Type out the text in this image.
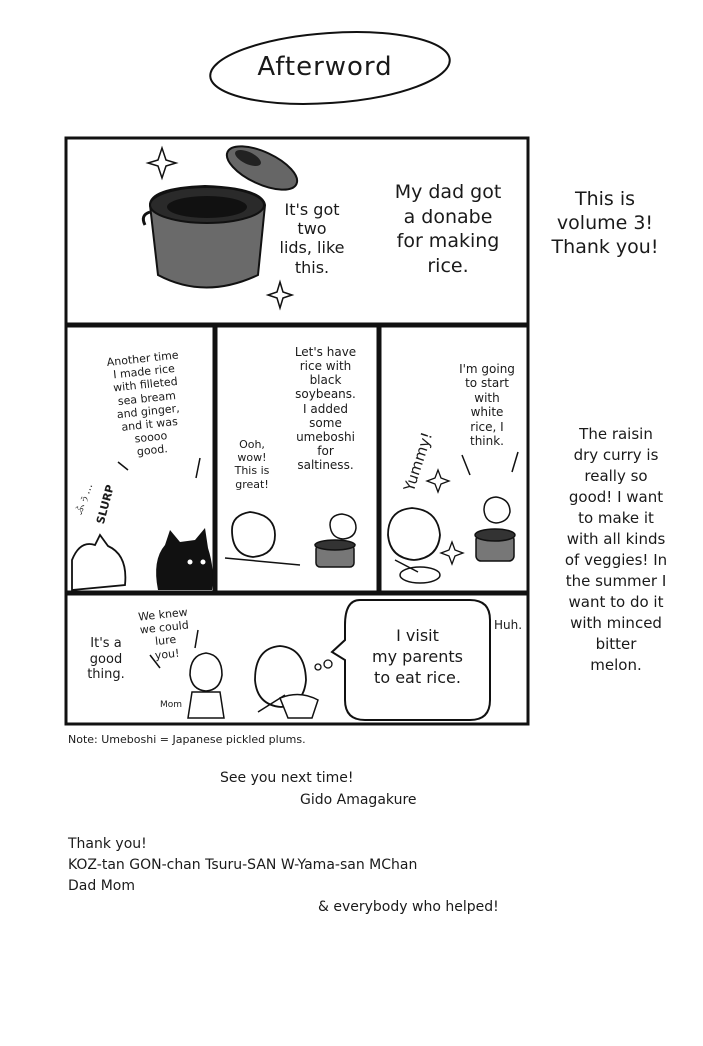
Afterword
It's got
two
lids, like
this.
My dad got
a donabe
for making
rice.
This is
volume 3!
Thank you!
Another time
I made rice
with filleted
sea bream
and ginger,
and it was
soooo
good.
SLURP
ふぅ...
Ooh,
wow!
This is
great!
Let's have
rice with
black
soybeans.
I added
some
umeboshi
for
saltiness.
I'm going
to start
with
white
rice, I
think.
Yummy!	The raisin
dry curry is
really so
good! I want
to make it
with all kinds
of veggies! In
the summer I
want to do it
with minced
bitter
melon.
It's a
good
thing.
We knew
we could
lure
you!
Mom
I visit
my parents
to eat rice.
Huh.
Note: Umeboshi = Japanese pickled plums.
See you next time!
Gido Amagakure
Thank you!
KOZ-tan GON-chan Tsuru-SAN W-Yama-san MChan
Dad Mom
& everybody who helped!
